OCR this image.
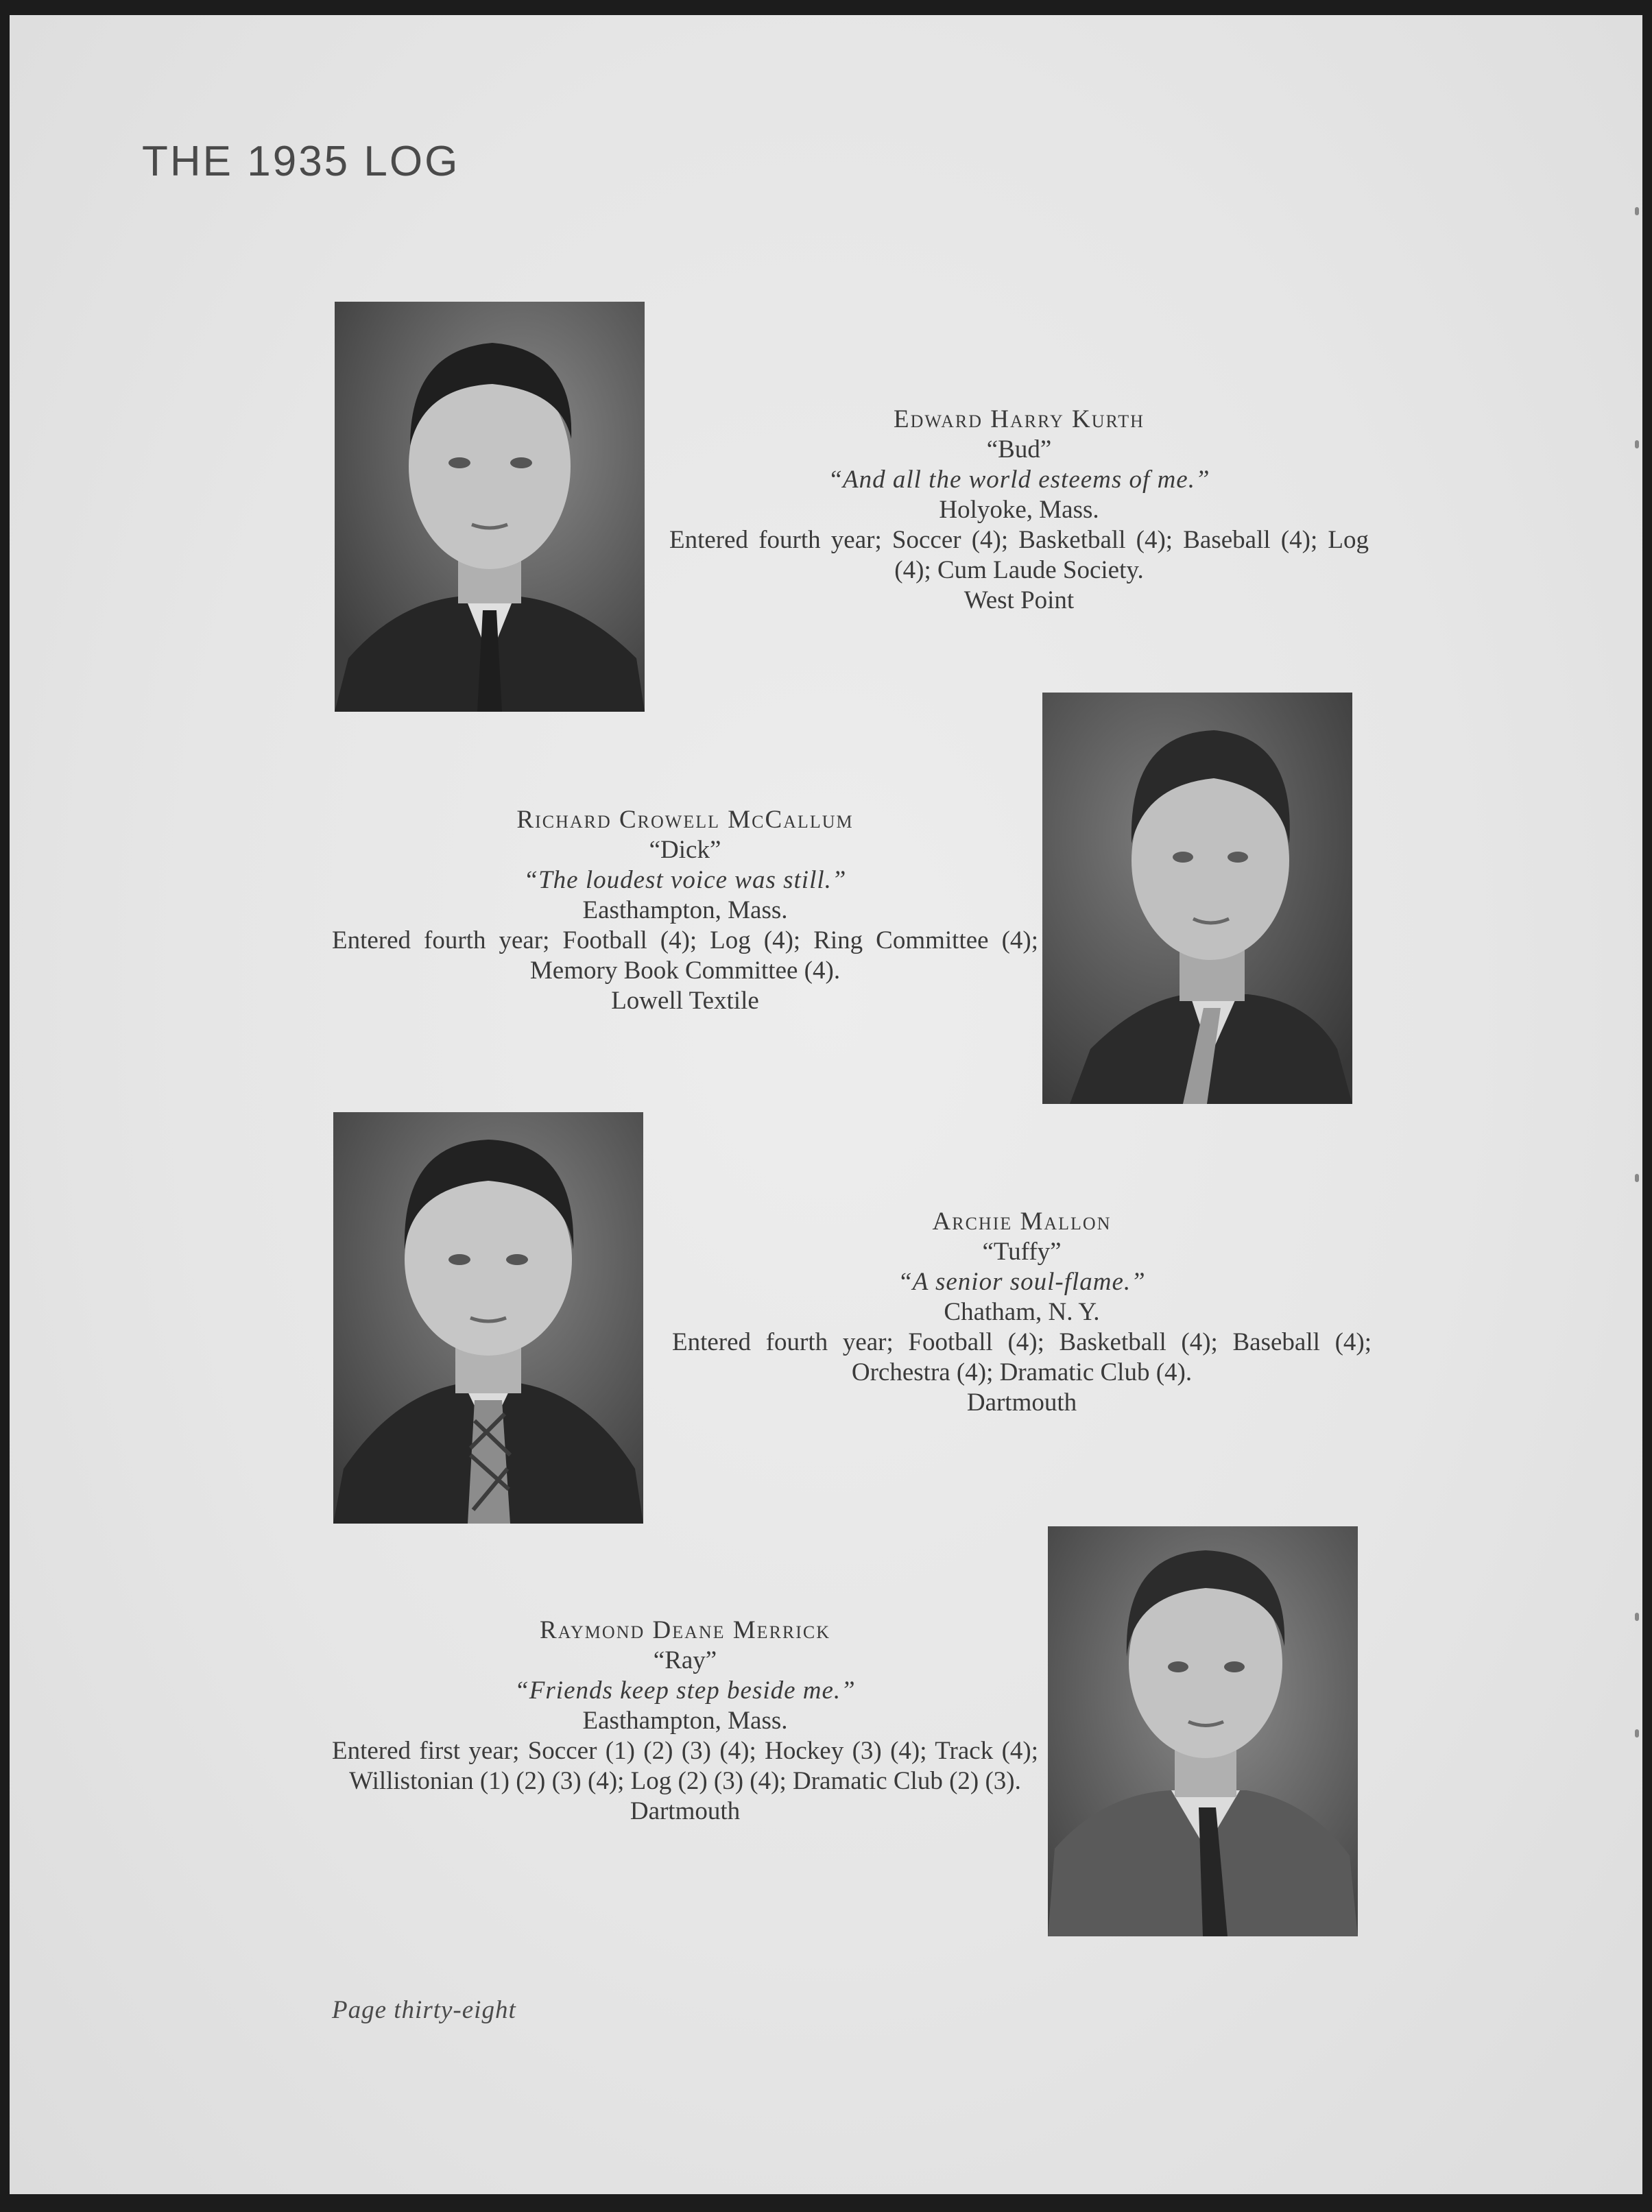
THE 1935 LOG
Edward Harry Kurth
“Bud”
“And all the world esteems of me.”
Holyoke, Mass.
Entered fourth year; Soccer (4); Basketball (4); Baseball (4); Log (4); Cum Laude Society.
West Point
Richard Crowell McCallum
“Dick”
“The loudest voice was still.”
Easthampton, Mass.
Entered fourth year; Football (4); Log (4); Ring Committee (4); Memory Book Committee (4).
Lowell Textile
Archie Mallon
“Tuffy”
“A senior soul-flame.”
Chatham, N. Y.
Entered fourth year; Football (4); Basketball (4); Baseball (4); Orchestra (4); Dramatic Club (4).
Dartmouth
Raymond Deane Merrick
“Ray”
“Friends keep step beside me.”
Easthampton, Mass.
Entered first year; Soccer (1) (2) (3) (4); Hockey (3) (4); Track (4); Willistonian (1) (2) (3) (4); Log (2) (3) (4); Dramatic Club (2) (3).
Dartmouth
Page thirty-eight
